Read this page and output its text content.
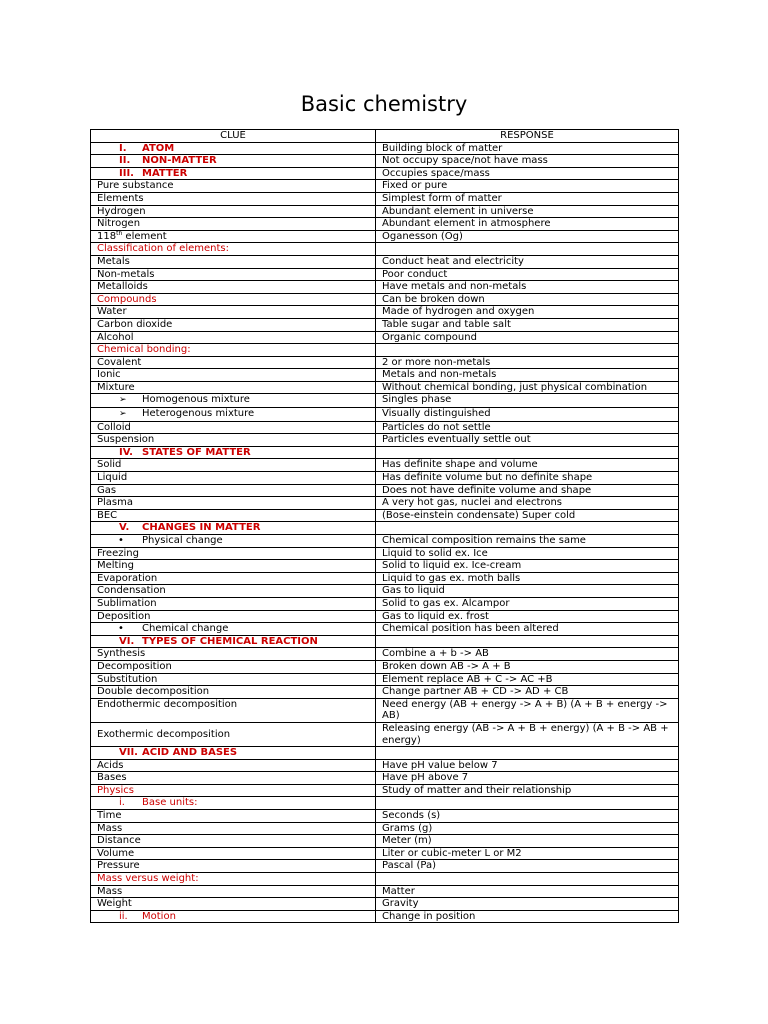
Basic chemistry
CLUE	RESPONSE
I. ATOM	Building block of matter
II. NON-MATTER	Not occupy space/not have mass
III. MATTER	Occupies space/mass
Pure substance	Fixed or pure
Elements	Simplest form of matter
Hydrogen	Abundant element in universe
Nitrogen	Abundant element in atmosphere
118th element	Oganesson (Og)
Classification of elements:	
Metals	Conduct heat and electricity
Non-metals	Poor conduct
Metalloids	Have metals and non-metals
Compounds	Can be broken down
Water	Made of hydrogen and oxygen
Carbon dioxide	Table sugar and table salt
Alcohol	Organic compound
Chemical bonding:	
Covalent	2 or more non-metals
Ionic	Metals and non-metals
Mixture	Without chemical bonding, just physical combination
➢ Homogenous mixture	Singles phase
➢ Heterogenous mixture	Visually distinguished
Colloid	Particles do not settle
Suspension	Particles eventually settle out
IV. STATES OF MATTER	
Solid	Has definite shape and volume
Liquid	Has definite volume but no definite shape
Gas	Does not have definite volume and shape
Plasma	A very hot gas, nuclei and electrons
BEC	(Bose-einstein condensate) Super cold
V. CHANGES IN MATTER	
• Physical change	Chemical composition remains the same
Freezing	Liquid to solid ex. Ice
Melting	Solid to liquid ex. Ice-cream
Evaporation	Liquid to gas ex. moth balls
Condensation	Gas to liquid
Sublimation	Solid to gas ex. Alcampor
Deposition	Gas to liquid ex. frost
• Chemical change	Chemical position has been altered
VI. TYPES OF CHEMICAL REACTION	
Synthesis	Combine a + b -> AB
Decomposition	Broken down AB -> A + B
Substitution	Element replace AB + C -> AC +B
Double decomposition	Change partner AB + CD -> AD + CB
Endothermic decomposition	Need energy (AB + energy -> A + B) (A + B + energy -> AB)
Exothermic decomposition	Releasing energy (AB -> A + B + energy) (A + B -> AB + energy)
VII. ACID AND BASES	
Acids	Have pH value below 7
Bases	Have pH above 7
Physics	Study of matter and their relationship
i. Base units:	
Time	Seconds (s)
Mass	Grams (g)
Distance	Meter (m)
Volume	Liter or cubic-meter L or M2
Pressure	Pascal (Pa)
Mass versus weight:	
Mass	Matter
Weight	Gravity
ii. Motion	Change in position
